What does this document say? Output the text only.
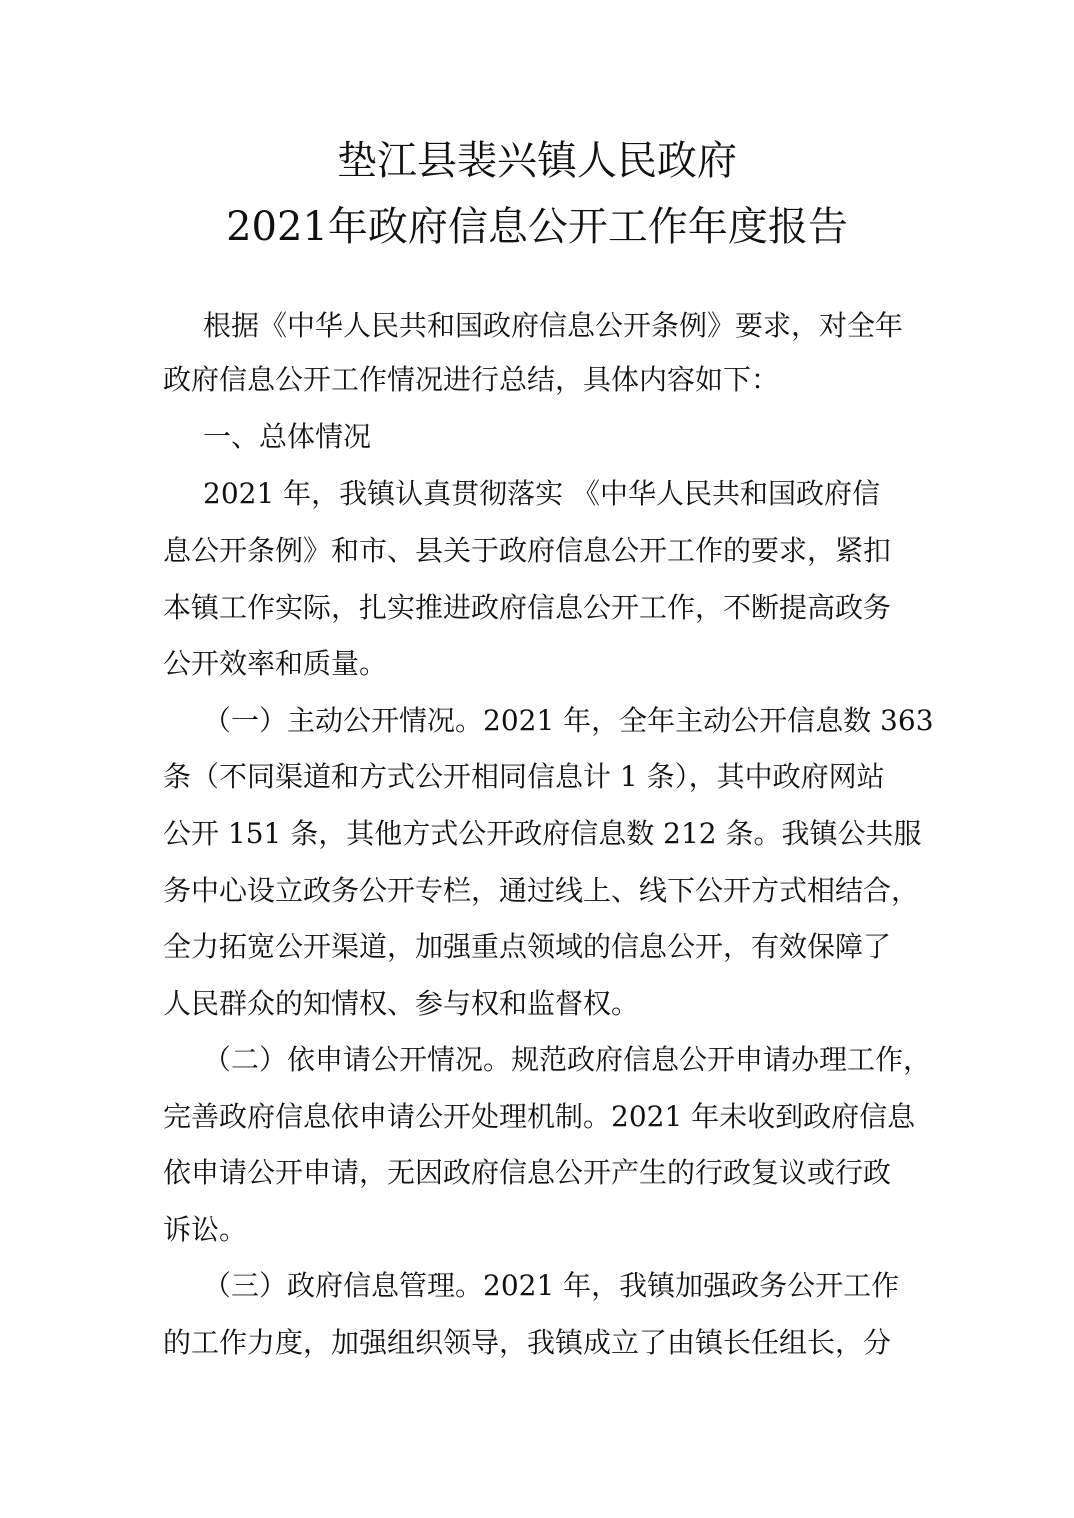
垫江县裴兴镇人民政府
2021年政府信息公开工作年度报告
根据《中华人民共和国政府信息公开条例》要求，对全年
政府信息公开工作情况进行总结，具体内容如下：
一、总体情况
2021 年，我镇认真贯彻落实 《中华人民共和国政府信
息公开条例》和市、县关于政府信息公开工作的要求，紧扣
本镇工作实际，扎实推进政府信息公开工作，不断提高政务
公开效率和质量。
（一）主动公开情况。2021 年，全年主动公开信息数 363
条（不同渠道和方式公开相同信息计 1 条），其中政府网站
公开 151 条，其他方式公开政府信息数 212 条。我镇公共服
务中心设立政务公开专栏，通过线上、线下公开方式相结合，
全力拓宽公开渠道，加强重点领域的信息公开，有效保障了
人民群众的知情权、参与权和监督权。
（二）依申请公开情况。规范政府信息公开申请办理工作，
完善政府信息依申请公开处理机制。2021 年未收到政府信息
依申请公开申请，无因政府信息公开产生的行政复议或行政
诉讼。
（三）政府信息管理。2021 年，我镇加强政务公开工作
的工作力度，加强组织领导，我镇成立了由镇长任组长，分
